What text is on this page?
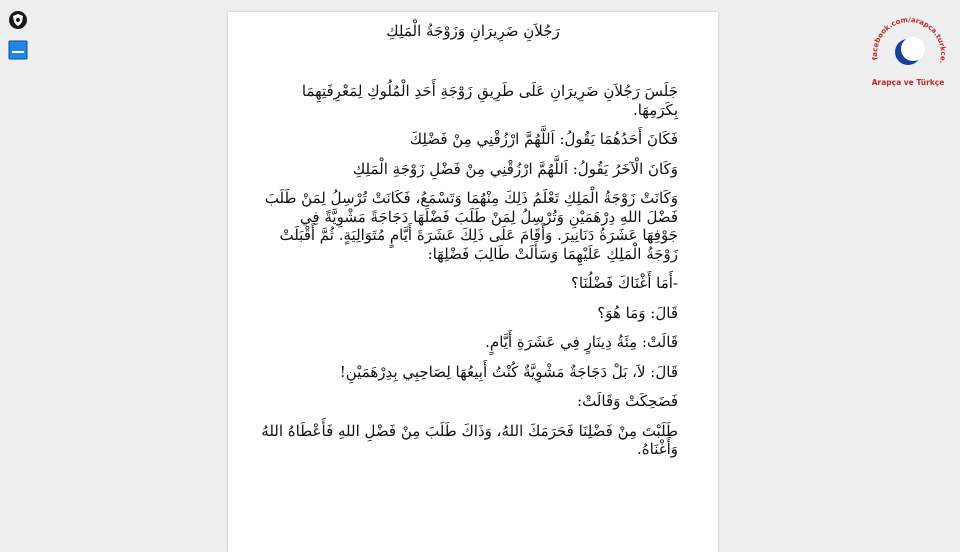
رَجُلاَنِ ضَرِيرَانِ وَزَوْجَةُ الْمَلِكِ

جَلَسَ رَجُلاَنِ ضَرِيرَانِ عَلَى طَرِيقِ زَوْجَةِ أَحَدِ الْمُلُوكِ لِمَعْرِفَتِهِمَا بِكَرَمِهَا.

فَكَانَ أَحَدُهُمَا يَقُولُ: اَللَّهُمَّ ارْزُقْنِي مِنْ فَضْلِكَ

وَكَانَ الْآخَرُ يَقُولُ: اَللَّهُمَّ ارْزُقْنِي مِنْ فَضْلِ زَوْجَةِ الْمَلِكِ

وَكَانَتْ زَوْجَةُ الْمَلِكِ تَعْلَمُ ذَلِكَ مِنْهُمَا وَتَسْمَعُ، فَكَانَتْ تُرْسِلُ لِمَنْ طَلَبَ فَضْلَ اللهِ دِرْهَمَيْنِ وَتُرْسِلُ لِمَنْ طَلَبَ فَضْلَهَا دَجَاجَةً مَشْوِيَّةً فِي جَوْفِهَا عَشَرَةُ دَنَانِيرَ. وَأَقَامَ عَلَى ذَلِكَ عَشَرَةَ أَيَّامٍ مُتَوَالِيَةٍ. ثُمَّ أَقْبَلَتْ زَوْجَةُ الْمَلِكِ عَلَيْهِمَا وَسَأَلَتْ طَالِبَ فَضْلِهَا:

-أَمَا أَغْنَاكَ فَضْلُنَا؟

قَالَ: وَمَا هُوَ؟

قَالَتْ: مِئَةُ دِينَارٍ فِي عَشَرَةِ أَيَّامٍ.

قَالَ: لاَ، بَلْ دَجَاجَةٌ مَشْوِيَّةٌ كُنْتُ أَبِيعُهَا لِصَاحِبِي بِدِرْهَمَيْنِ!

فَضَحِكَتْ وَقَالَتْ:

طَلَبْتَ مِنْ فَضْلِنَا فَحَرَمَكَ اللهُ، وَذَاكَ طَلَبَ مِنْ فَضْلِ اللهِ فَأَعْطَاهُ اللهُ وَأَغْنَاهُ.

facebook.com/arapca.turkce.
Arapça ve Türkçe
